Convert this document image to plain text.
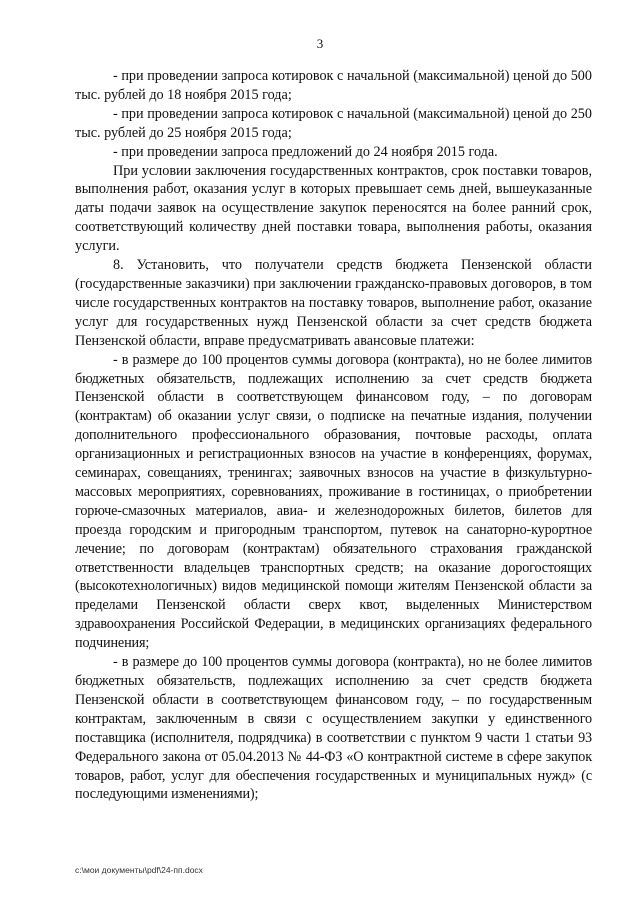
3

- при проведении запроса котировок с начальной (максимальной) ценой до 500 тыс. рублей до 18 ноября 2015 года;

- при проведении запроса котировок с начальной (максимальной) ценой до 250 тыс. рублей до 25 ноября 2015 года;

- при проведении запроса предложений до 24 ноября 2015 года.

При условии заключения государственных контрактов, срок поставки товаров, выполнения работ, оказания услуг в которых превышает семь дней, вышеуказанные даты подачи заявок на осуществление закупок переносятся на более ранний срок, соответствующий количеству дней поставки товара, выполнения работы, оказания услуги.

8. Установить, что получатели средств бюджета Пензенской области (государственные заказчики) при заключении гражданско-правовых договоров, в том числе государственных контрактов на поставку товаров, выполнение работ, оказание услуг для государственных нужд Пензенской области за счет средств бюджета Пензенской области, вправе предусматривать авансовые платежи:

- в размере до 100 процентов суммы договора (контракта), но не более лимитов бюджетных обязательств, подлежащих исполнению за счет средств бюджета Пензенской области в соответствующем финансовом году, – по договорам (контрактам) об оказании услуг связи, о подписке на печатные издания, получении дополнительного профессионального образования, почтовые расходы, оплата организационных и регистрационных взносов на участие в конференциях, форумах, семинарах, совещаниях, тренингах; заявочных взносов на участие в физкультурно-массовых мероприятиях, соревнованиях, проживание в гостиницах, о приобретении горюче-смазочных материалов, авиа- и железнодорожных билетов, билетов для проезда городским и пригородным транспортом, путевок на санаторно-курортное лечение; по договорам (контрактам) обязательного страхования гражданской ответственности владельцев транспортных средств; на оказание дорогостоящих (высокотехнологичных) видов медицинской помощи жителям Пензенской области за пределами Пензенской области сверх квот, выделенных Министерством здравоохранения Российской Федерации, в медицинских организациях федерального подчинения;

- в размере до 100 процентов суммы договора (контракта), но не более лимитов бюджетных обязательств, подлежащих исполнению за счет средств бюджета Пензенской области в соответствующем финансовом году, – по государственным контрактам, заключенным в связи с осуществлением закупки у единственного поставщика (исполнителя, подрядчика) в соответствии с пунктом 9 части 1 статьи 93 Федерального закона от 05.04.2013 № 44-ФЗ «О контрактной системе в сфере закупок товаров, работ, услуг для обеспечения государственных и муниципальных нужд» (с последующими изменениями);

c:\мои документы\pdf\24-пп.docx
